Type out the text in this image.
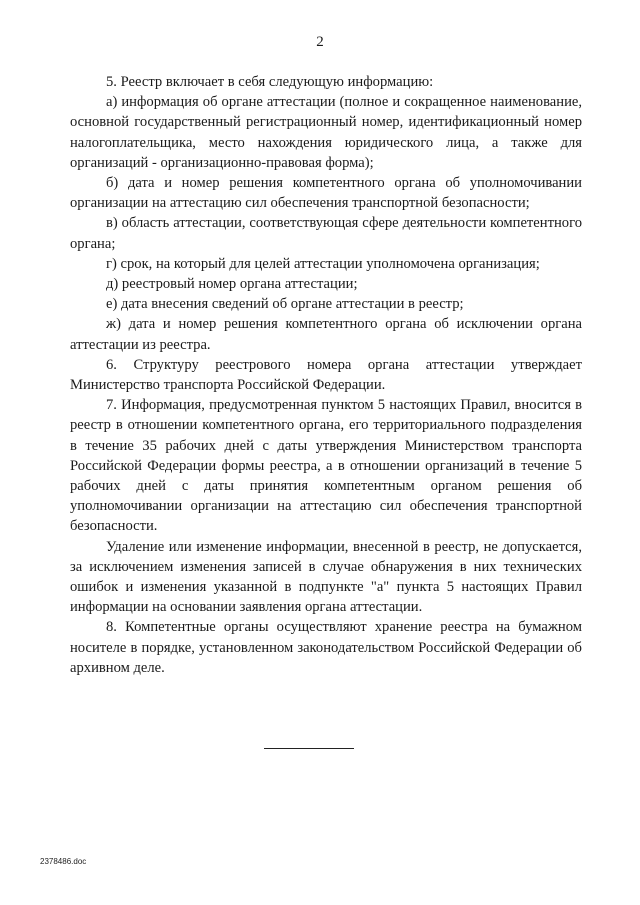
2

5. Реестр включает в себя следующую информацию:

а) информация об органе аттестации (полное и сокращенное наименование, основной государственный регистрационный номер, идентификационный номер налогоплательщика, место нахождения юридического лица, а также для организаций - организационно-правовая форма);

б) дата и номер решения компетентного органа об уполномочивании организации на аттестацию сил обеспечения транспортной безопасности;

в) область аттестации, соответствующая сфере деятельности компетентного органа;

г) срок, на который для целей аттестации уполномочена организация;

д) реестровый номер органа аттестации;

е) дата внесения сведений об органе аттестации в реестр;

ж) дата и номер решения компетентного органа об исключении органа аттестации из реестра.

6. Структуру реестрового номера органа аттестации утверждает Министерство транспорта Российской Федерации.

7. Информация, предусмотренная пунктом 5 настоящих Правил, вносится в реестр в отношении компетентного органа, его территориального подразделения в течение 35 рабочих дней с даты утверждения Министерством транспорта Российской Федерации формы реестра, а в отношении организаций в течение 5 рабочих дней с даты принятия компетентным органом решения об уполномочивании организации на аттестацию сил обеспечения транспортной безопасности.

Удаление или изменение информации, внесенной в реестр, не допускается, за исключением изменения записей в случае обнаружения в них технических ошибок и изменения указанной в подпункте "а" пункта 5 настоящих Правил информации на основании заявления органа аттестации.

8. Компетентные органы осуществляют хранение реестра на бумажном носителе в порядке, установленном законодательством Российской Федерации об архивном деле.

2378486.doc
